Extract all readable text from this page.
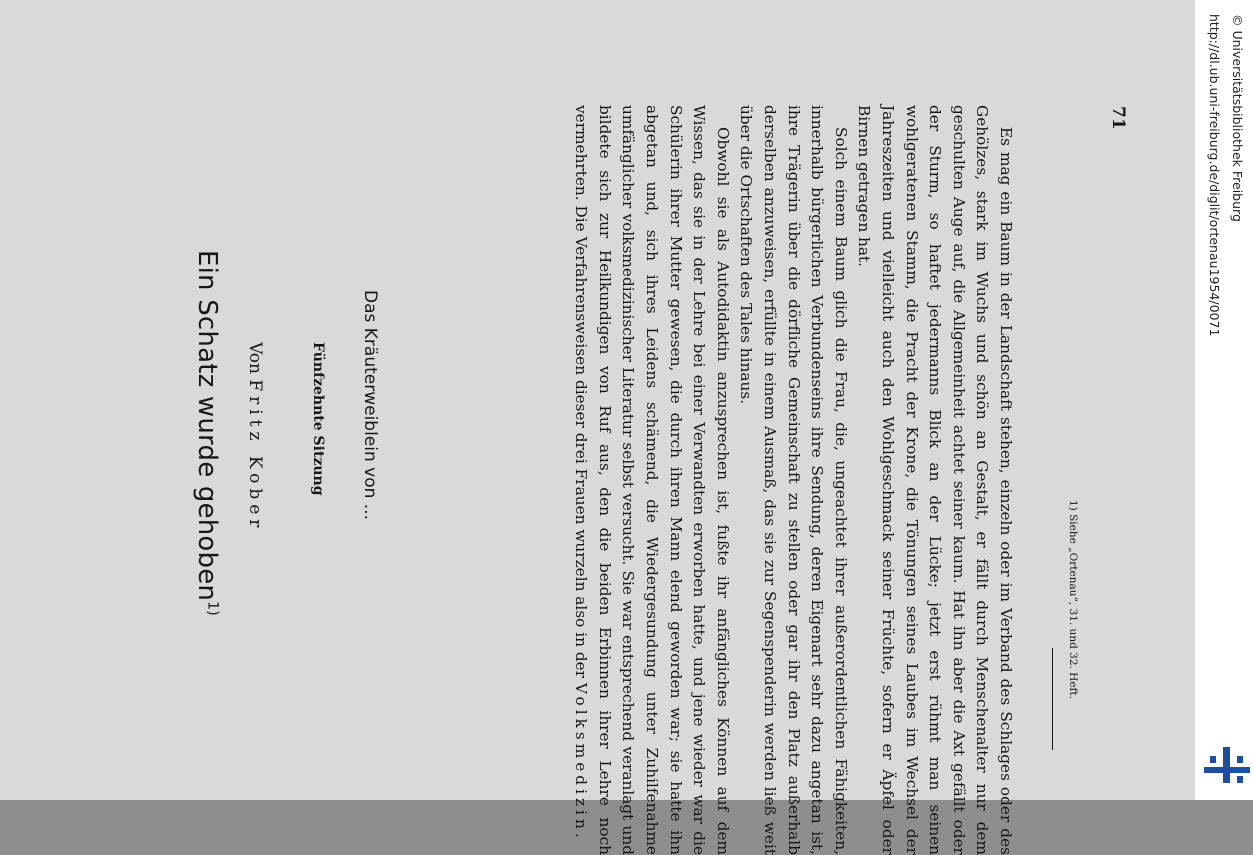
Ein Schatz wurde gehoben$^{1)}$
Von Fritz Kober	Fünfzehnte Sitzung Das Kräuterweiblein von ...	Es mag ein Baum in der Landschaft stehen, einzeln oder im Verband des Schlages oder des Gehölzes, stark im Wuchs und schön an Gestalt, er fällt durch Menschenalter nur dem geschulten Auge auf, die Allgemeinheit achtet seiner kaum. Hat ihn aber die Axt gefällt oder der Sturm, so haftet jedermanns Blick an der Lücke; jetzt erst rühmt man seinen wohlgeratenen Stamm, die Pracht der Krone, die Tönungen seines Laubes im Wechsel der Jahreszeiten und vielleicht auch den Wohlgeschmack seiner Früchte, sofern er Äpfel oder Birnen getragen hat.

Solch einem Baum glich die Frau, die, ungeachtet ihrer außerordentlichen Fähigkeiten, innerhalb bürgerlichen Verbundenseins ihre Sendung, deren Eigenart sehr dazu angetan ist, ihre Trägerin über die dörfliche Gemeinschaft zu stellen oder gar ihr den Platz außerhalb derselben anzuweisen, erfüllte in einem Ausmaß, das sie zur Segenspenderin werden ließ weit über die Ortschaften des Tales hinaus.

Obwohl sie als Autodidaktin anzusprechen ist, fußte ihr anfängliches Können auf dem Wissen, das sie in der Lehre bei einer Verwandten erworben hatte, und jene wieder war die Schülerin ihrer Mutter gewesen, die durch ihren Mann elend geworden war; sie hatte ihn abgetan und, sich ihres Leidens schämend, die Wiedergesundung unter Zuhilfenahme umfänglicher volksmedizinischer Literatur selbst versucht. Sie war entsprechend veranlagt und bildete sich zur Heilkundigen von Ruf aus, den die beiden Erbinnen ihrer Lehre noch vermehrten. Die Verfahrensweisen dieser drei Frauen wurzeln also in der Volksmedizin.

1) Siehe „Ortenau“, 31. und 32. Heft.
71	http://dl.ub.uni-freiburg.de/diglit/ortenau1954/0071 © Universitätsbibliothek Freiburg
